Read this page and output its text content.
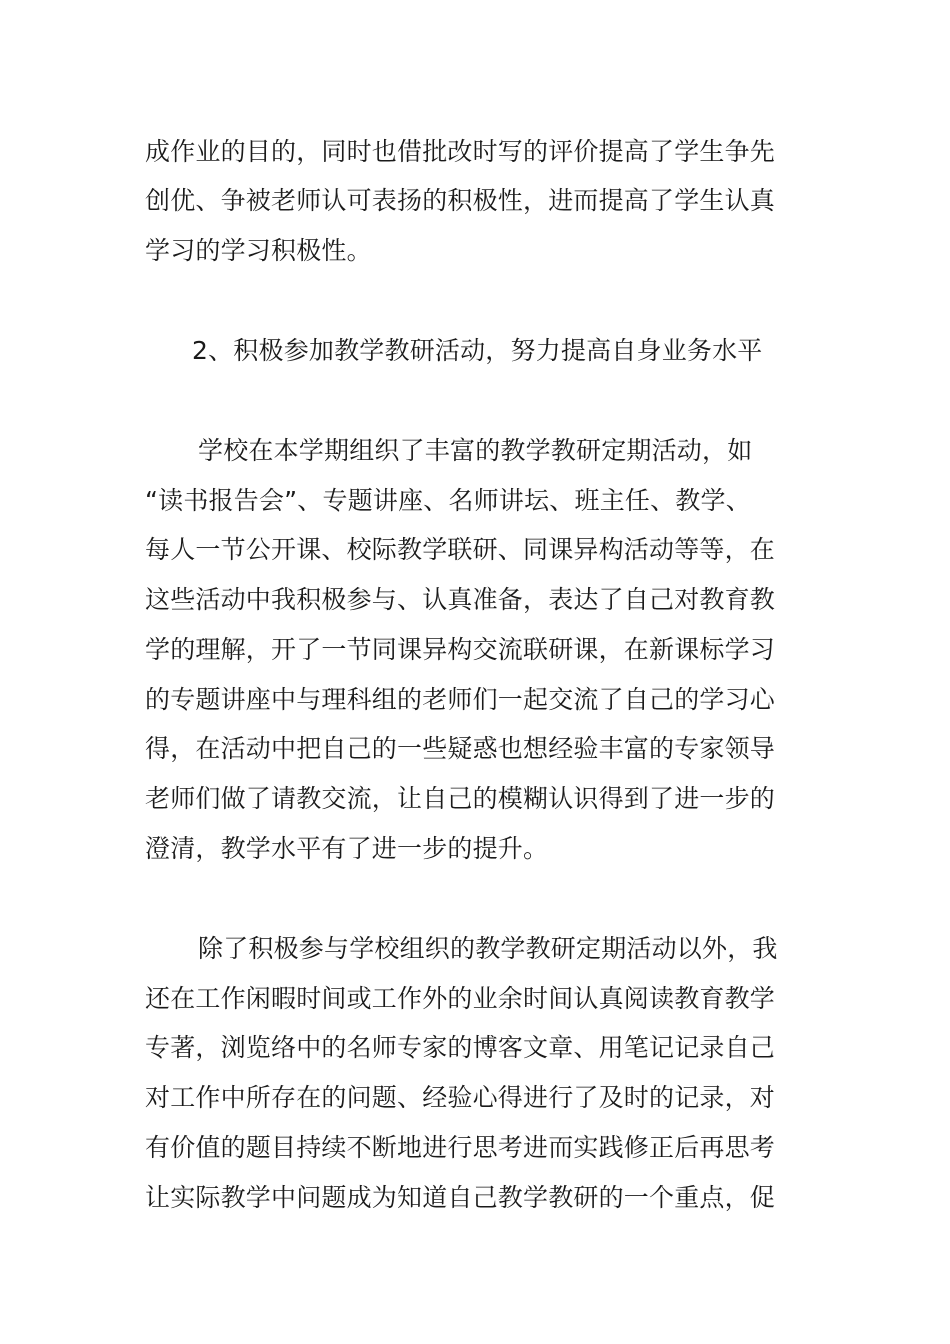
成作业的目的，同时也借批改时写的评价提高了学生争先
创优、争被老师认可表扬的积极性，进而提高了学生认真
学习的学习积极性。
2、积极参加教学教研活动，努力提高自身业务水平
学校在本学期组织了丰富的教学教研定期活动，如
“读书报告会”、专题讲座、名师讲坛、班主任、教学、
每人一节公开课、校际教学联研、同课异构活动等等，在
这些活动中我积极参与、认真准备，表达了自己对教育教
学的理解，开了一节同课异构交流联研课，在新课标学习
的专题讲座中与理科组的老师们一起交流了自己的学习心
得，在活动中把自己的一些疑惑也想经验丰富的专家领导
老师们做了请教交流，让自己的模糊认识得到了进一步的
澄清，教学水平有了进一步的提升。
除了积极参与学校组织的教学教研定期活动以外，我
还在工作闲暇时间或工作外的业余时间认真阅读教育教学
专著，浏览络中的名师专家的博客文章、用笔记记录自己
对工作中所存在的问题、经验心得进行了及时的记录，对
有价值的题目持续不断地进行思考进而实践修正后再思考
让实际教学中问题成为知道自己教学教研的一个重点，促
